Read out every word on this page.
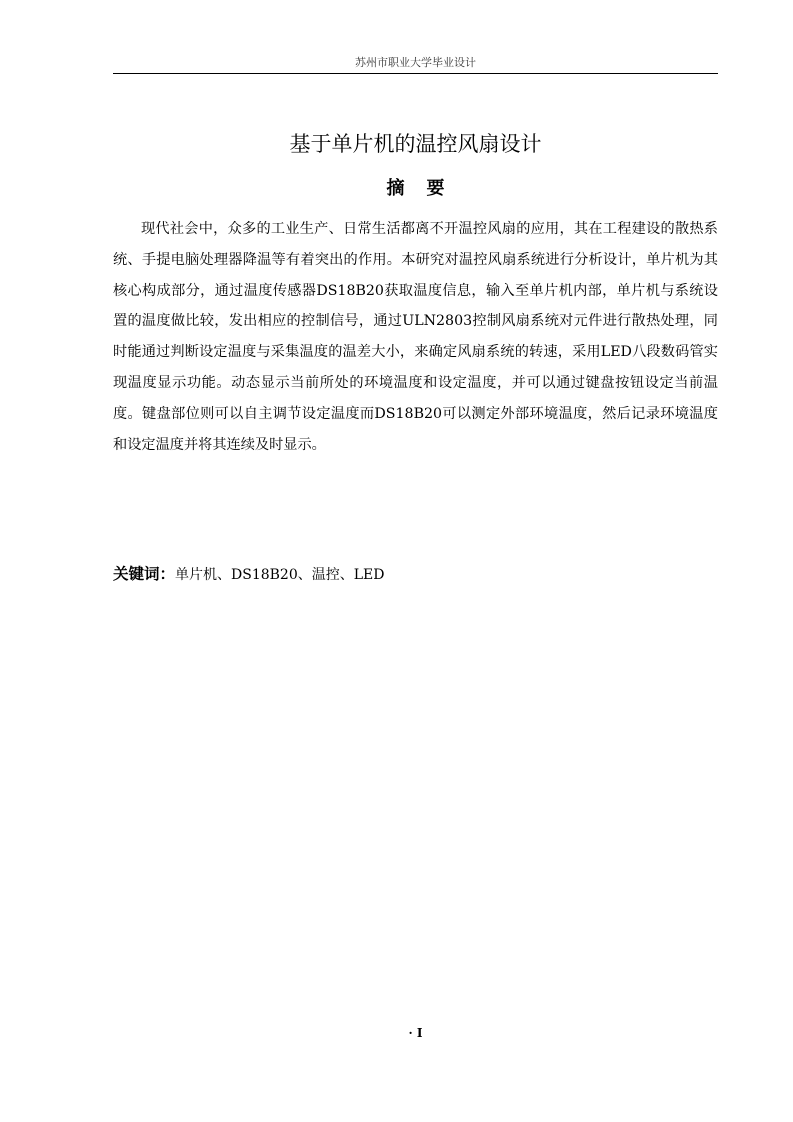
苏州市职业大学毕业设计
基于单片机的温控风扇设计
摘 要

现代社会中，众多的工业生产、日常生活都离不开温控风扇的应用，其在工程建设的散热系统、手提电脑处理器降温等有着突出的作用。本研究对温控风扇系统进行分析设计，单片机为其核心构成部分，通过温度传感器DS18B20获取温度信息，输入至单片机内部，单片机与系统设置的温度做比较，发出相应的控制信号，通过ULN2803控制风扇系统对元件进行散热处理，同时能通过判断设定温度与采集温度的温差大小，来确定风扇系统的转速，采用LED八段数码管实现温度显示功能。动态显示当前所处的环境温度和设定温度，并可以通过键盘按钮设定当前温度。键盘部位则可以自主调节设定温度而DS18B20可以测定外部环境温度，然后记录环境温度和设定温度并将其连续及时显示。

关键词：单片机、DS18B20、温控、LED
· I
